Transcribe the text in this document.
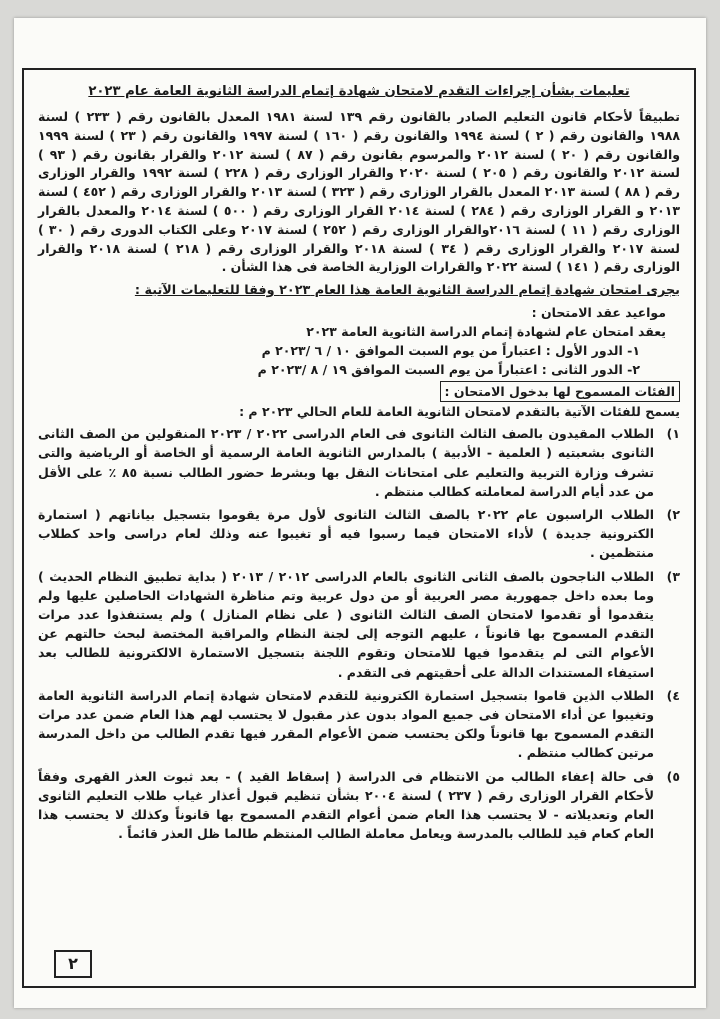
تعليمات بشأن إجراءات التقدم لامتحان شهادة إتمام الدراسة الثانوية العامة عام ٢٠٢٣

تطبيقاً لأحكام قانون التعليم الصادر بالقانون رقم ١٣٩ لسنة ١٩٨١ المعدل بالقانون رقم ( ٢٣٣ ) لسنة ١٩٨٨ والقانون رقم ( ٢ ) لسنة ١٩٩٤ والقانون رقم ( ١٦٠ ) لسنة ١٩٩٧ والقانون رقم ( ٢٣ ) لسنة ١٩٩٩ والقانون رقم ( ٢٠ ) لسنة ٢٠١٢ والمرسوم بقانون رقم ( ٨٧ ) لسنة ٢٠١٢ والقرار بقانون رقم ( ٩٣ ) لسنة ٢٠١٢ والقانون رقم ( ٢٠٥ ) لسنة ٢٠٢٠ والقرار الوزارى رقم ( ٢٢٨ ) لسنة ١٩٩٢ والقرار الوزارى رقم ( ٨٨ ) لسنة ٢٠١٣ المعدل بالقرار الوزارى رقم ( ٣٢٣ ) لسنة ٢٠١٣ والقرار الوزارى رقم ( ٤٥٢ ) لسنة ٢٠١٣ و القرار الوزارى رقم ( ٢٨٤ ) لسنة ٢٠١٤ القرار الوزارى رقم ( ٥٠٠ ) لسنة ٢٠١٤ والمعدل بالقرار الوزارى رقم ( ١١ ) لسنة ٢٠١٦والقرار الوزارى رقم ( ٢٥٢ ) لسنة ٢٠١٧ وعلى الكتاب الدورى رقم ( ٣٠ ) لسنة ٢٠١٧ والقرار الوزارى رقم ( ٣٤ ) لسنة ٢٠١٨ والقرار الوزارى رقم ( ٢١٨ ) لسنة ٢٠١٨ والقرار الوزارى رقم ( ١٤١ ) لسنة ٢٠٢٢ والقرارات الوزارية الخاصة فى هذا الشأن .

يجرى امتحان شهادة إتمام الدراسة الثانوية العامة هذا العام ٢٠٢٣ وفقا للتعليمات الآتية :
مواعيد عقد الامتحان :
يعقد امتحان عام لشهادة إتمام الدراسة الثانوية العامة ٢٠٢٣
١- الدور الأول : اعتباراً من يوم السبت الموافق ١٠ / ٦ /٢٠٢٣ م
٢- الدور الثانى : اعتباراً من يوم السبت الموافق ١٩ / ٨ /٢٠٢٣ م
الفئات المسموح لها بدخول الامتحان :
يسمح للفئات الآتية بالتقدم لامتحان الثانوية العامة للعام الحالي ٢٠٢٣ م :
١)
الطلاب المقيدون بالصف الثالث الثانوى فى العام الدراسى ٢٠٢٢ / ٢٠٢٣ المنقولين من الصف الثانى الثانوى بشعبتيه ( العلمية - الأدبية ) بالمدارس الثانوية العامة الرسمية أو الخاصة أو الرياضية والتى تشرف وزارة التربية والتعليم على امتحانات النقل بها وبشرط حضور الطالب نسبة ٨٥ ٪ على الأقل من عدد أيام الدراسة لمعاملته كطالب منتظم .
٢)
الطلاب الراسبون عام ٢٠٢٢ بالصف الثالث الثانوى لأول مرة يقوموا بتسجيل بياناتهم ( استمارة الكترونية جديدة ) لأداء الامتحان فيما رسبوا فيه أو تغيبوا عنه وذلك لعام دراسى واحد كطلاب منتظمين .
٣)
الطلاب الناجحون بالصف الثانى الثانوى بالعام الدراسى ٢٠١٢ / ٢٠١٣ ( بداية تطبيق النظام الحديث ) وما بعده داخل جمهورية مصر العربية أو من دول عربية وتم مناظرة الشهادات الحاصلين عليها ولم يتقدموا أو تقدموا لامتحان الصف الثالث الثانوى ( على نظام المنازل ) ولم يستنفذوا عدد مرات التقدم المسموح بها قانوناً ، عليهم التوجه إلى لجنة النظام والمراقبة المختصة لبحث حالتهم عن الأعوام التى لم يتقدموا فيها للامتحان وتقوم اللجنة بتسجيل الاستمارة الالكترونية للطالب بعد استيفاء المستندات الدالة على أحقيتهم فى التقدم .
٤)
الطلاب الذين قاموا بتسجيل استمارة الكترونية للتقدم لامتحان شهادة إتمام الدراسة الثانوية العامة وتغيبوا عن أداء الامتحان فى جميع المواد بدون عذر مقبول لا يحتسب لهم هذا العام ضمن عدد مرات التقدم المسموح بها قانوناً ولكن يحتسب ضمن الأعوام المقرر فيها تقدم الطالب من داخل المدرسة مرتين كطالب منتظم .
٥)
فى حالة إعفاء الطالب من الانتظام فى الدراسة ( إسقاط القيد ) - بعد ثبوت العذر القهرى وفقاً لأحكام القرار الوزارى رقم ( ٢٣٧ ) لسنة ٢٠٠٤ بشأن تنظيم قبول أعذار غياب طلاب التعليم الثانوى العام وتعديلاته - لا يحتسب هذا العام ضمن أعوام التقدم المسموح بها قانوناً وكذلك لا يحتسب هذا العام كعام قيد للطالب بالمدرسة ويعامل معاملة الطالب المنتظم طالما ظل العذر قائماً .
٢
